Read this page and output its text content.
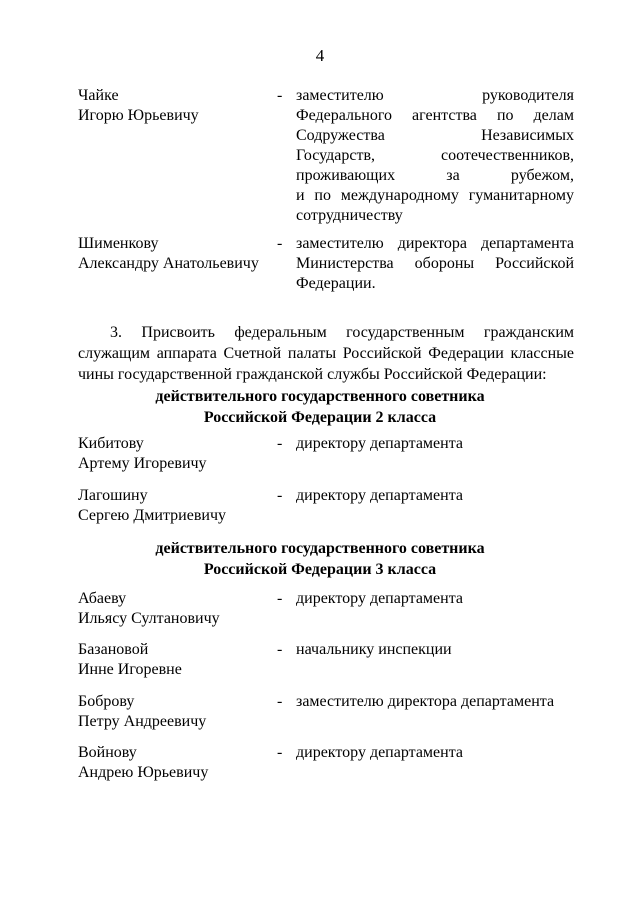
4
Чайке
Игорю Юрьевичу
- заместителю руководителя
Федерального агентства по делам
Содружества Независимых
Государств, соотечественников,
проживающих за рубежом,
и по международному гуманитарному
сотрудничеству
Шименкову
Александру Анатольевичу
- заместителю директора департамента
Министерства обороны Российской
Федерации.
3. Присвоить федеральным государственным гражданским
служащим аппарата Счетной палаты Российской Федерации классные
чины государственной гражданской службы Российской Федерации:
действительного государственного советника
Российской Федерации 2 класса
Кибитову
Артему Игоревичу
- директору департамента
Лагошину
Сергею Дмитриевичу
- директору департамента
действительного государственного советника
Российской Федерации 3 класса
Абаеву
Ильясу Султановичу
- директору департамента
Базановой
Инне Игоревне
- начальнику инспекции
Боброву
Петру Андреевичу
- заместителю директора департамента
Войнову
Андрею Юрьевичу
- директору департамента
